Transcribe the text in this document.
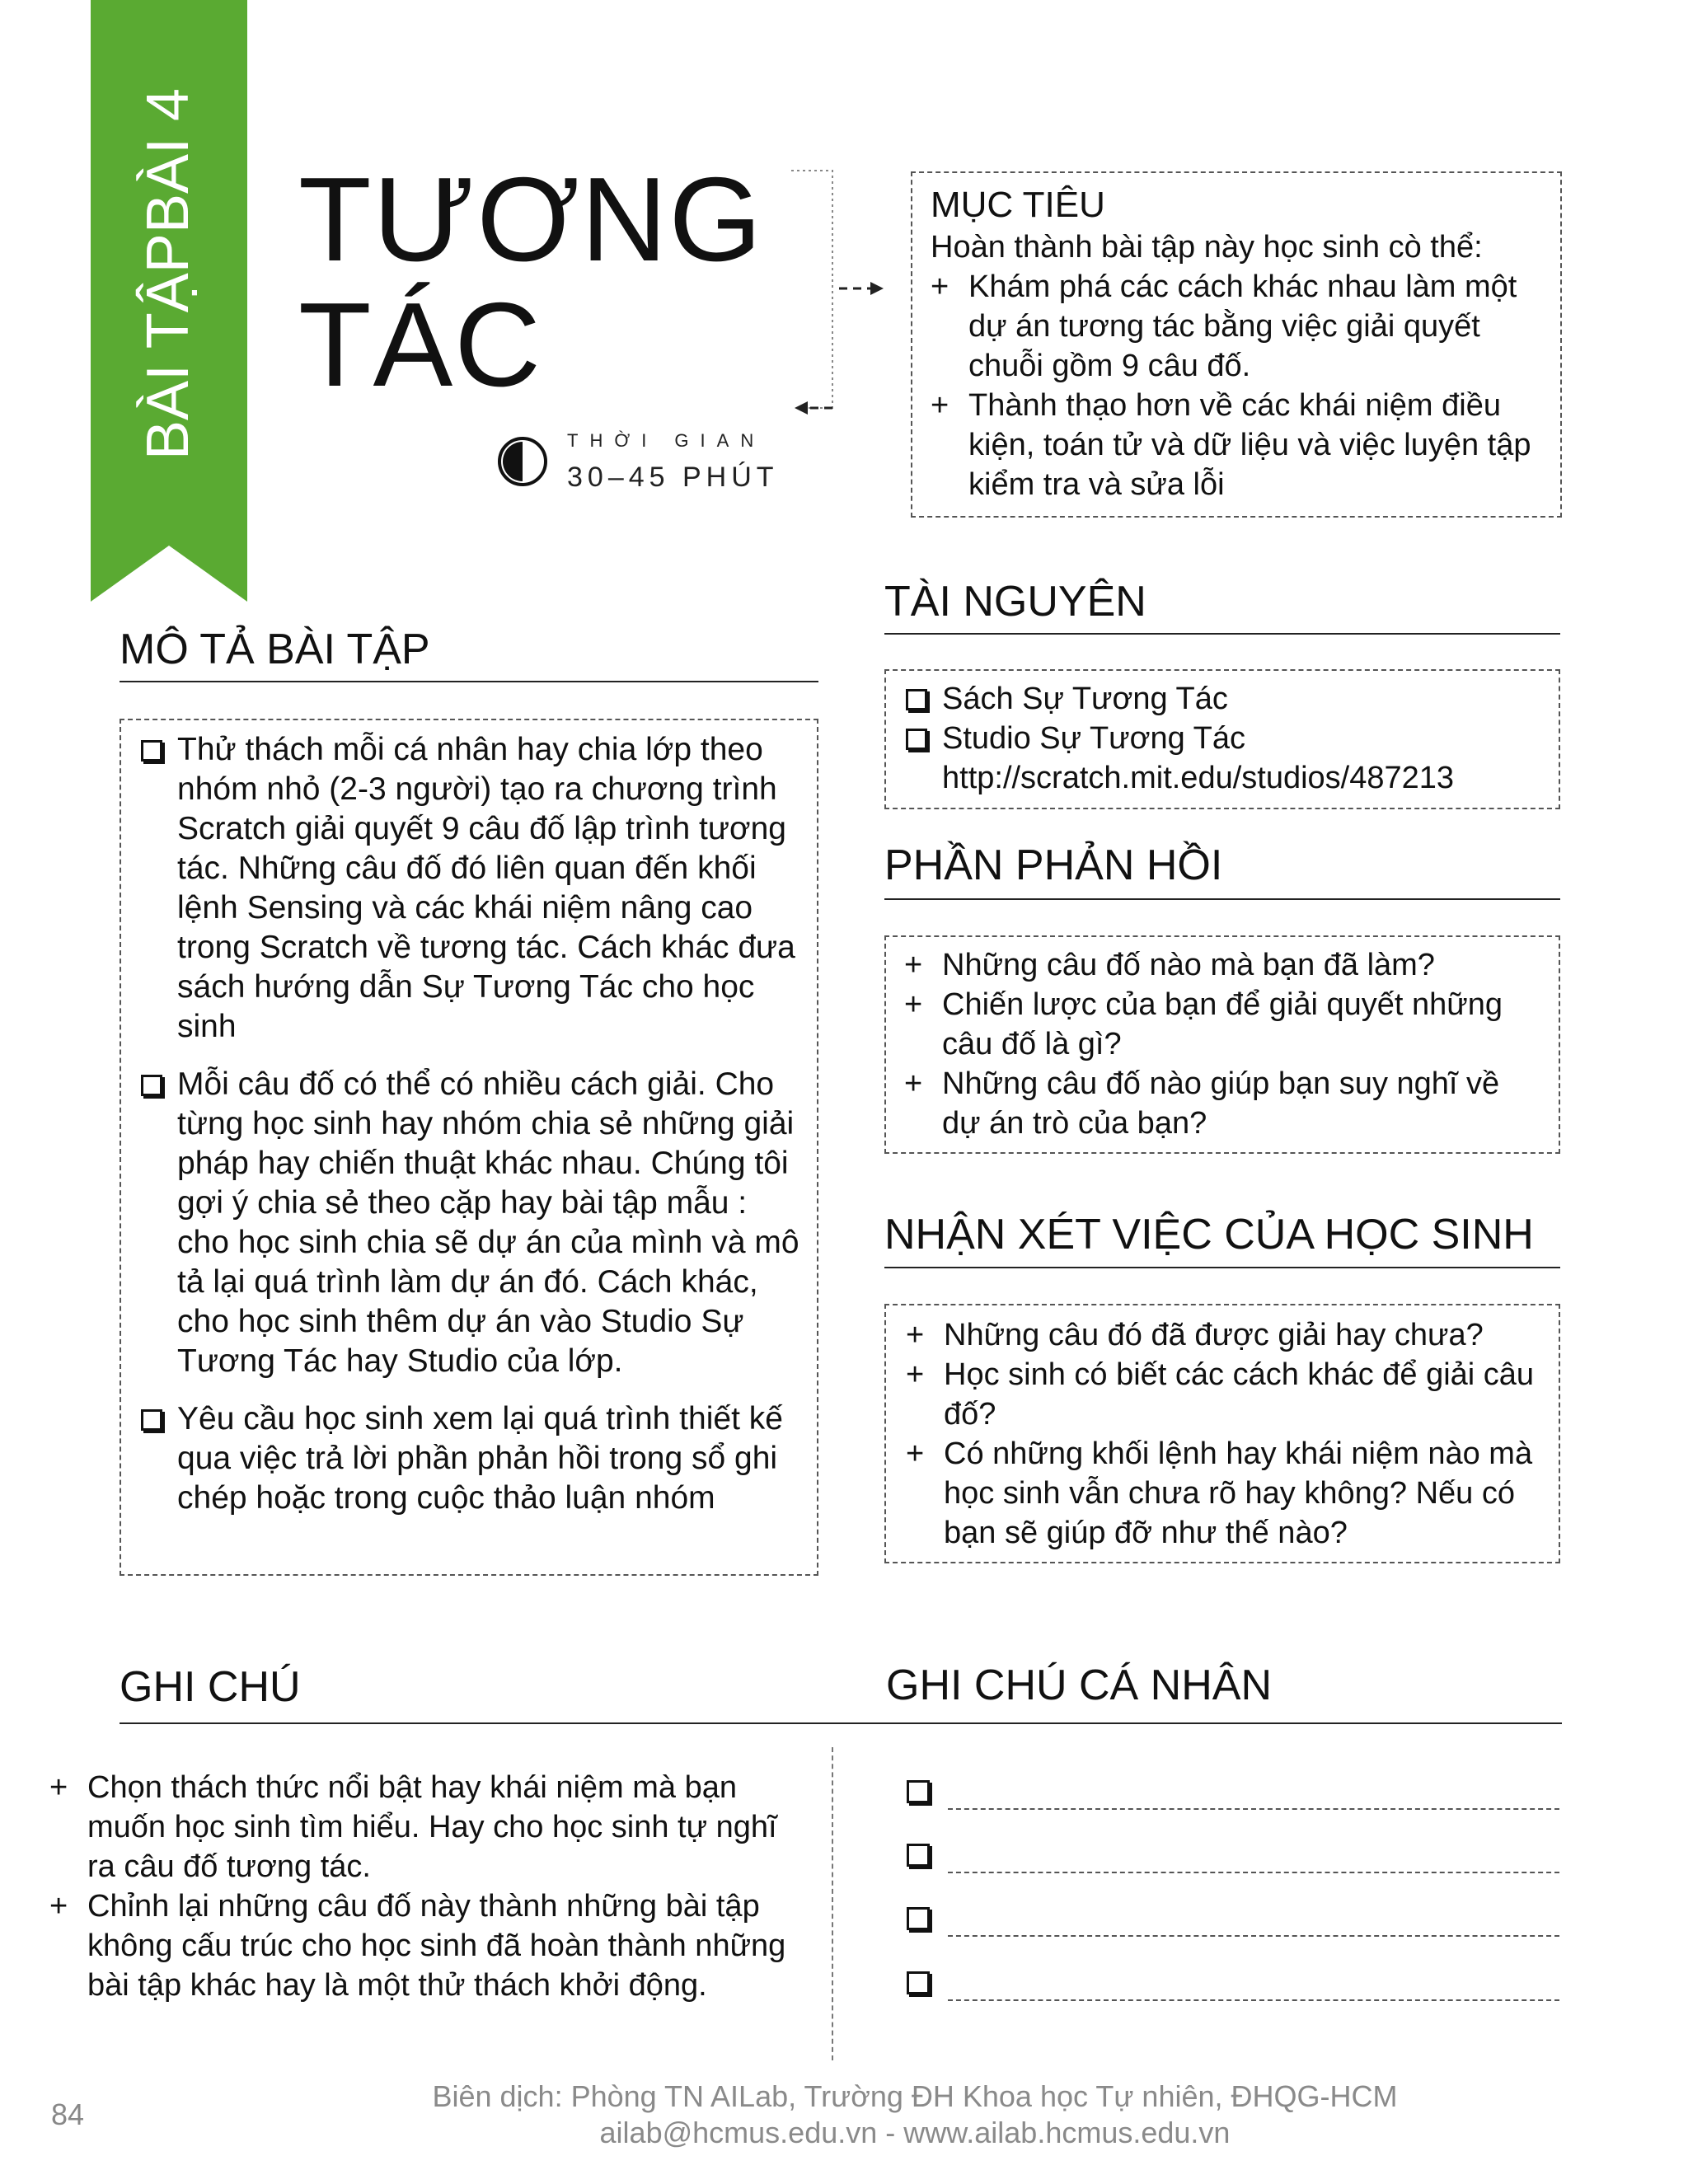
BÀI TẬP
BÀI 4 TƯƠNG
TÁC
THỜI GIAN
30–45 PHÚT
MỤC TIÊU
Hoàn thành bài tập này học sinh cò thể:
+ Khám phá các cách khác nhau làm một dự án tương tác bằng việc giải quyết chuỗi gồm 9 câu đố.
+ Thành thạo hơn về các khái niệm điều kiện, toán tử và dữ liệu và việc luyện tập kiểm tra và sửa lỗi
MÔ TẢ BÀI TẬP
Thử thách mỗi cá nhân hay chia lớp theo nhóm nhỏ (2-3 người) tạo ra chương trình Scratch giải quyết 9 câu đố lập trình tương tác. Những câu đố đó liên quan đến khối lệnh Sensing và các khái niệm nâng cao trong Scratch về tương tác. Cách khác đưa sách hướng dẫn Sự Tương Tác cho học sinh
Mỗi câu đố có thể có nhiều cách giải. Cho từng học sinh hay nhóm chia sẻ những giải pháp hay chiến thuật khác nhau. Chúng tôi gợi ý chia sẻ theo cặp hay bài tập mẫu : cho học sinh chia sẽ dự án của mình và mô tả lại quá trình làm dự án đó. Cách khác, cho học sinh thêm dự án vào Studio Sự Tương Tác hay Studio của lớp.
Yêu cầu học sinh xem lại quá trình thiết kế qua việc trả lời phần phản hồi trong sổ ghi chép hoặc trong cuộc thảo luận nhóm
TÀI NGUYÊN
Sách Sự Tương Tác
Studio Sự Tương Tác
http://scratch.mit.edu/studios/487213
PHẦN PHẢN HỒI
+ Những câu đố nào mà bạn đã làm?
+ Chiến lược của bạn để giải quyết những câu đố là gì?
+ Những câu đố nào giúp bạn suy nghĩ về dự án trò của bạn?
NHẬN XÉT VIỆC CỦA HỌC SINH
+ Những câu đó đã được giải hay chưa?
+ Học sinh có biết các cách khác để giải câu đố?
+ Có những khối lệnh hay khái niệm nào mà học sinh vẫn chưa rõ hay không? Nếu có bạn sẽ giúp đỡ như thế nào?
GHI CHÚ
+ Chọn thách thức nổi bật hay khái niệm mà bạn muốn học sinh tìm hiểu. Hay cho học sinh tự nghĩ ra câu đố tương tác.
+ Chỉnh lại những câu đố này thành những bài tập không cấu trúc cho học sinh đã hoàn thành những bài tập khác hay là một thử thách khởi động.
GHI CHÚ CÁ NHÂN
84
Biên dịch: Phòng TN AILab, Trường ĐH Khoa học Tự nhiên, ĐHQG-HCM
ailab@hcmus.edu.vn - www.ailab.hcmus.edu.vn
